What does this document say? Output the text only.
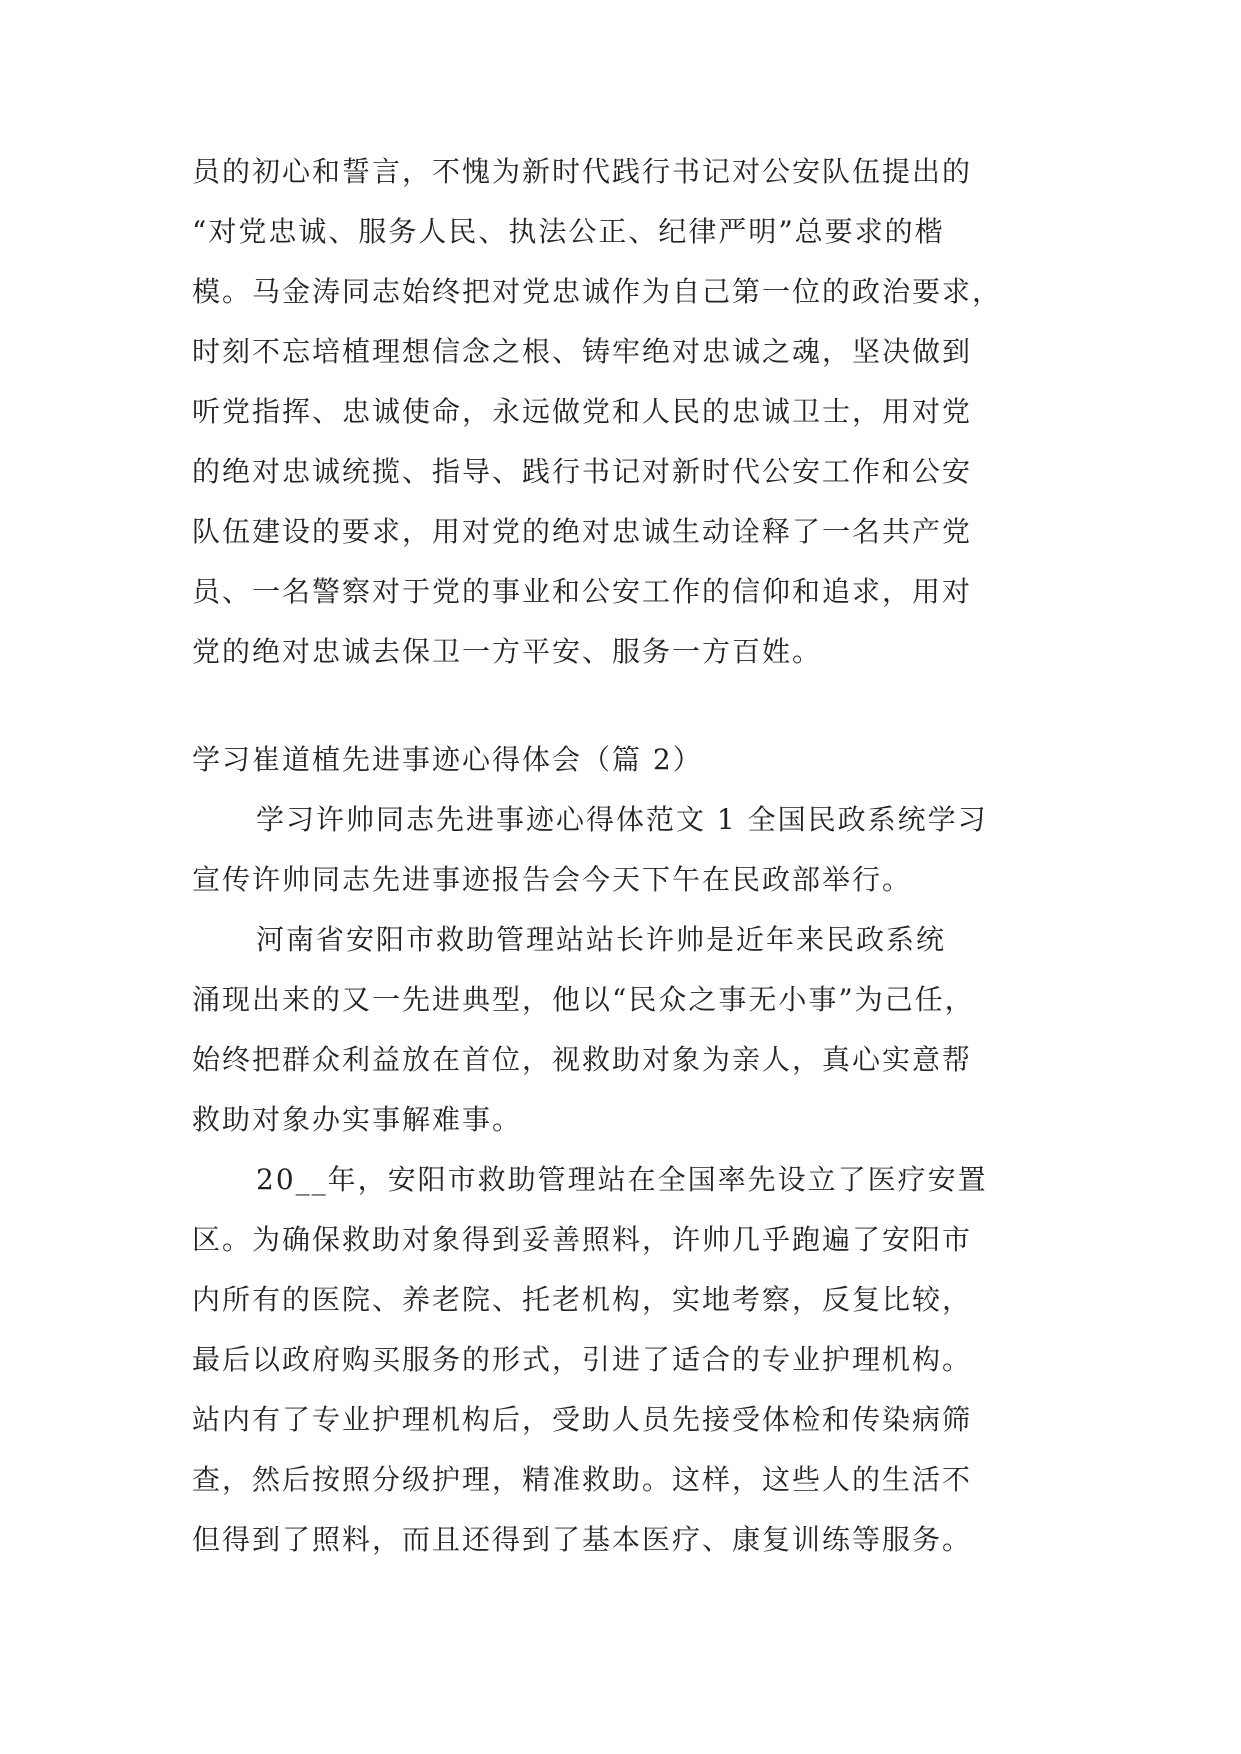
员的初心和誓言，不愧为新时代践行书记对公安队伍提出的
“对党忠诚、服务人民、执法公正、纪律严明”总要求的楷
模。马金涛同志始终把对党忠诚作为自己第一位的政治要求，
时刻不忘培植理想信念之根、铸牢绝对忠诚之魂，坚决做到
听党指挥、忠诚使命，永远做党和人民的忠诚卫士，用对党
的绝对忠诚统揽、指导、践行书记对新时代公安工作和公安
队伍建设的要求，用对党的绝对忠诚生动诠释了一名共产党
员、一名警察对于党的事业和公安工作的信仰和追求，用对
党的绝对忠诚去保卫一方平安、服务一方百姓。
学习崔道植先进事迹心得体会（篇 2）
学习许帅同志先进事迹心得体范文 1 全国民政系统学习
宣传许帅同志先进事迹报告会今天下午在民政部举行。
河南省安阳市救助管理站站长许帅是近年来民政系统
涌现出来的又一先进典型，他以“民众之事无小事”为己任，
始终把群众利益放在首位，视救助对象为亲人，真心实意帮
救助对象办实事解难事。
20__年，安阳市救助管理站在全国率先设立了医疗安置
区。为确保救助对象得到妥善照料，许帅几乎跑遍了安阳市
内所有的医院、养老院、托老机构，实地考察，反复比较，
最后以政府购买服务的形式，引进了适合的专业护理机构。
站内有了专业护理机构后，受助人员先接受体检和传染病筛
查，然后按照分级护理，精准救助。这样，这些人的生活不
但得到了照料，而且还得到了基本医疗、康复训练等服务。
